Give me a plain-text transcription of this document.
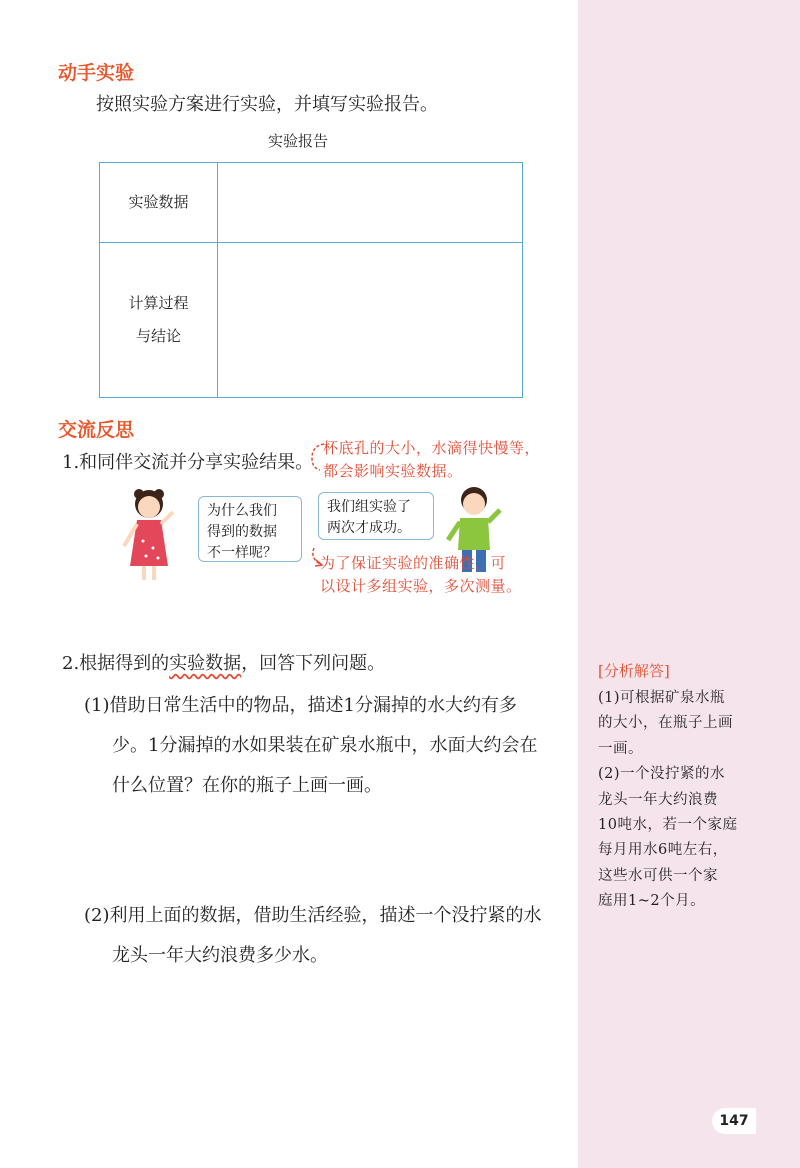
动手实验
按照实验方案进行实验，并填写实验报告。
实验报告
实验数据	

计算过程
与结论	

交流反思
1.和同伴交流并分享实验结果。
杯底孔的大小，水滴得快慢等，
都会影响实验数据。
为什么我们
得到的数据
不一样呢？
我们组实验了
两次才成功。
为了保证实验的准确性，可
以设计多组实验，多次测量。
2.根据得到的实验数据，回答下列问题。
(1)借助日常生活中的物品，描述1分漏掉的水大约有多
少。1分漏掉的水如果装在矿泉水瓶中，水面大约会在
什么位置？在你的瓶子上画一画。
(2)利用上面的数据，借助生活经验，描述一个没拧紧的水
龙头一年大约浪费多少水。
[分析解答]
(1)可根据矿泉水瓶
的大小，在瓶子上画
一画。
(2)一个没拧紧的水
龙头一年大约浪费
10吨水，若一个家庭
每月用水6吨左右，
这些水可供一个家
庭用1~2个月。
147
